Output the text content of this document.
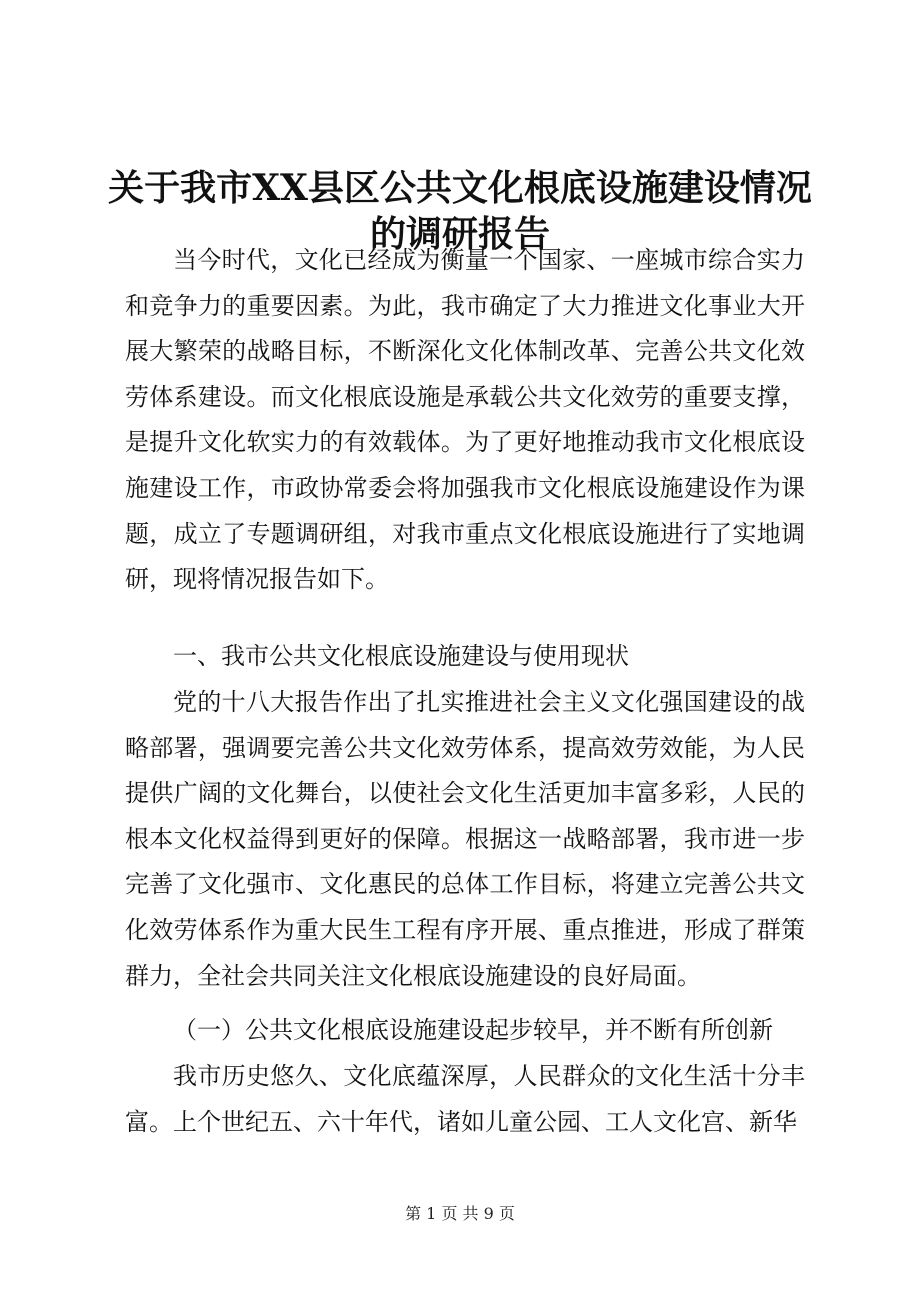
关于我市XX县区公共文化根底设施建设情况
的调研报告

当今时代，文化已经成为衡量一个国家、一座城市综合实力和竞争力的重要因素。为此，我市确定了大力推进文化事业大开展大繁荣的战略目标，不断深化文化体制改革、完善公共文化效劳体系建设。而文化根底设施是承载公共文化效劳的重要支撑，是提升文化软实力的有效载体。为了更好地推动我市文化根底设施建设工作，市政协常委会将加强我市文化根底设施建设作为课题，成立了专题调研组，对我市重点文化根底设施进行了实地调研，现将情况报告如下。

一、我市公共文化根底设施建设与使用现状

党的十八大报告作出了扎实推进社会主义文化强国建设的战略部署，强调要完善公共文化效劳体系，提高效劳效能，为人民提供广阔的文化舞台，以使社会文化生活更加丰富多彩，人民的根本文化权益得到更好的保障。根据这一战略部署，我市进一步完善了文化强市、文化惠民的总体工作目标，将建立完善公共文化效劳体系作为重大民生工程有序开展、重点推进，形成了群策群力，全社会共同关注文化根底设施建设的良好局面。

（一）公共文化根底设施建设起步较早，并不断有所创新

我市历史悠久、文化底蕴深厚，人民群众的文化生活十分丰富。上个世纪五、六十年代，诸如儿童公园、工人文化宫、新华

第 1 页 共 9 页
